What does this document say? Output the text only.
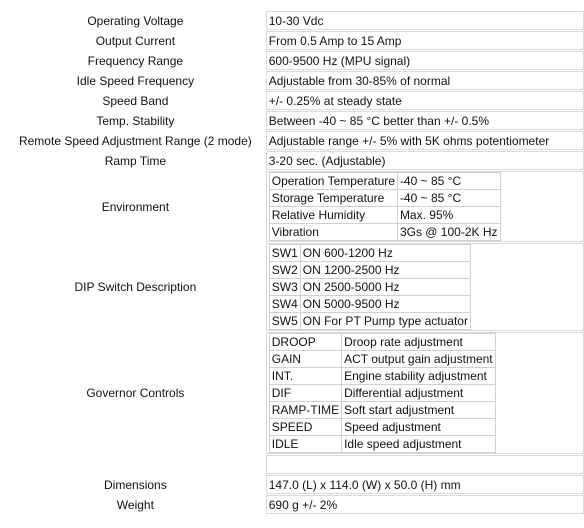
Operating Voltage	10-30 Vdc
Output Current	From 0.5 Amp to 15 Amp
Frequency Range	600-9500 Hz (MPU signal)
Idle Speed Frequency	Adjustable from 30-85% of normal
Speed Band	+/- 0.25% at steady state
Temp. Stability	Between -40 ~ 85 °C better than +/- 0.5%
Remote Speed Adjustment Range (2 mode)	Adjustable range +/- 5% with 5K ohms potentiometer
Ramp Time	3-20 sec. (Adjustable)
Environment	
Operation Temperature	-40 ~ 85 °C
Storage Temperature	-40 ~ 85 °C
Relative Humidity	Max. 95%
Vibration	3Gs @ 100-2K Hz

DIP Switch Description	
SW1	ON 600-1200 Hz
SW2	ON 1200-2500 Hz
SW3	ON 2500-5000 Hz
SW4	ON 5000-9500 Hz
SW5	ON For PT Pump type actuator

Governor Controls	
DROOP	Droop rate adjustment
GAIN	ACT output gain adjustment
INT.	Engine stability adjustment
DIF	Differential adjustment
RAMP-TIME	Soft start adjustment
SPEED	Speed adjustment
IDLE	Idle speed adjustment

Dimensions	147.0 (L) x 114.0 (W) x 50.0 (H) mm
Weight	690 g +/- 2%
